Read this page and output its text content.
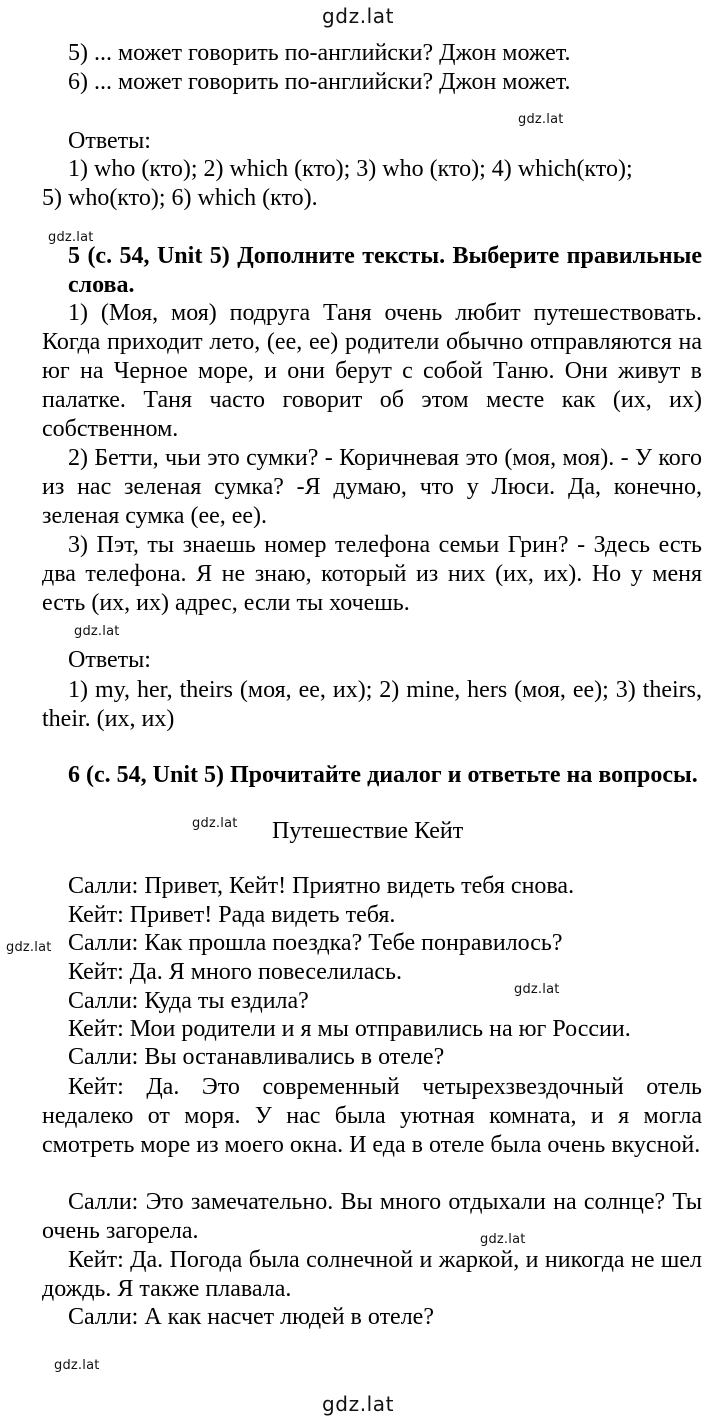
gdz.lat
gdz.lat
gdz.lat
gdz.lat
gdz.lat
gdz.lat
gdz.lat
gdz.lat
gdz.lat
gdz.lat
5) ... может говорить по-английски? Джон может.
6) ... может говорить по-английски? Джон может.
Ответы:
1) who (кто); 2) which (кто); 3) who (кто); 4) which(кто);
5) who(кто); 6) which (кто).
5 (c. 54, Unit 5) Дополните тексты. Выберите правильные слова.
1) (Моя, моя) подруга Таня очень любит путешествовать. Когда приходит лето, (ее, ее) родители обычно отправляются на юг на Черное море, и они берут с собой Таню. Они живут в палатке. Таня часто говорит об этом месте как (их, их) собственном.
2) Бетти, чьи это сумки? - Коричневая это (моя, моя). - У кого из нас зеленая сумка? -Я думаю, что у Люси. Да, конечно, зеленая сумка (ее, ее).
3) Пэт, ты знаешь номер телефона семьи Грин? - Здесь есть два телефона. Я не знаю, который из них (их, их). Но у меня есть (их, их) адрес, если ты хочешь.
Ответы:
1) my, her, theirs (моя, ее, их); 2) mine, hers (моя, ее); 3) theirs, their. (их, их)
6 (c. 54, Unit 5) Прочитайте диалог и ответьте на вопросы.
Путешествие Кейт
Салли: Привет, Кейт! Приятно видеть тебя снова.
Кейт: Привет! Рада видеть тебя.
Салли: Как прошла поездка? Тебе понравилось?
Кейт: Да. Я много повеселилась.
Салли: Куда ты ездила?
Кейт: Мои родители и я мы отправились на юг России.
Салли: Вы останавливались в отеле?
Кейт: Да. Это современный четырехзвездочный отель недалеко от моря. У нас была уютная комната, и я могла смотреть море из моего окна. И еда в отеле была очень вкусной.
Салли: Это замечательно. Вы много отдыхали на солнце? Ты очень загорела.
Кейт: Да. Погода была солнечной и жаркой, и никогда не шел дождь. Я также плавала.
Салли: А как насчет людей в отеле?
